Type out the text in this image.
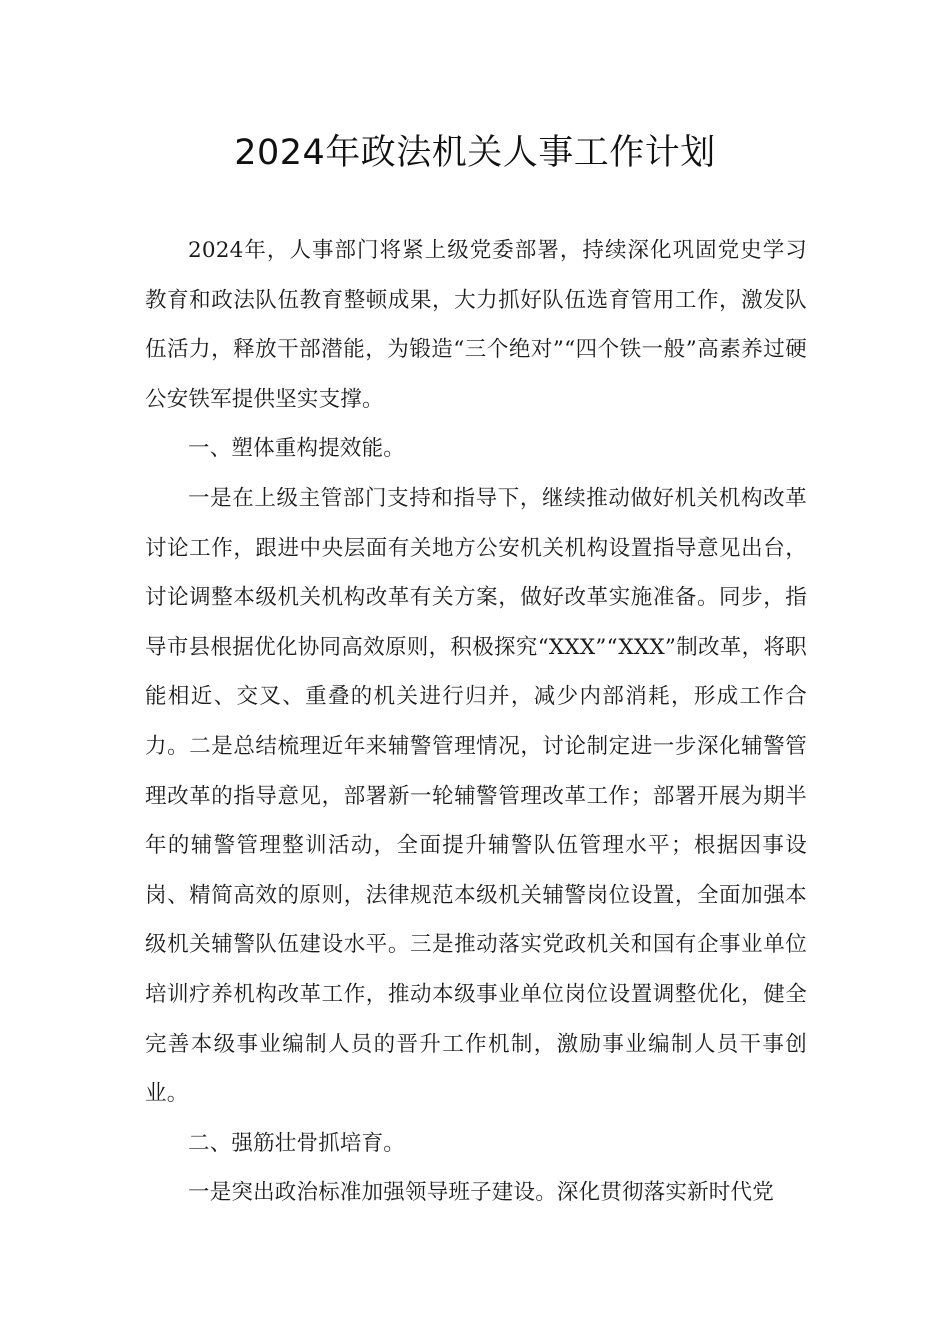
2024年政法机关人事工作计划

2024年，人事部门将紧上级党委部署，持续深化巩固党史学习教育和政法队伍教育整顿成果，大力抓好队伍选育管用工作，激发队伍活力，释放干部潜能，为锻造“三个绝对”“四个铁一般”高素养过硬公安铁军提供坚实支撑。

一、塑体重构提效能。

一是在上级主管部门支持和指导下，继续推动做好机关机构改革讨论工作，跟进中央层面有关地方公安机关机构设置指导意见出台，讨论调整本级机关机构改革有关方案，做好改革实施准备。同步，指导市县根据优化协同高效原则，积极探究“XXX”“XXX”制改革，将职能相近、交叉、重叠的机关进行归并，减少内部消耗，形成工作合力。二是总结梳理近年来辅警管理情况，讨论制定进一步深化辅警管理改革的指导意见，部署新一轮辅警管理改革工作；部署开展为期半年的辅警管理整训活动，全面提升辅警队伍管理水平；根据因事设岗、精简高效的原则，法律规范本级机关辅警岗位设置，全面加强本级机关辅警队伍建设水平。三是推动落实党政机关和国有企事业单位培训疗养机构改革工作，推动本级事业单位岗位设置调整优化，健全完善本级事业编制人员的晋升工作机制，激励事业编制人员干事创业。

二、强筋壮骨抓培育。

一是突出政治标准加强领导班子建设。深化贯彻落实新时代党
